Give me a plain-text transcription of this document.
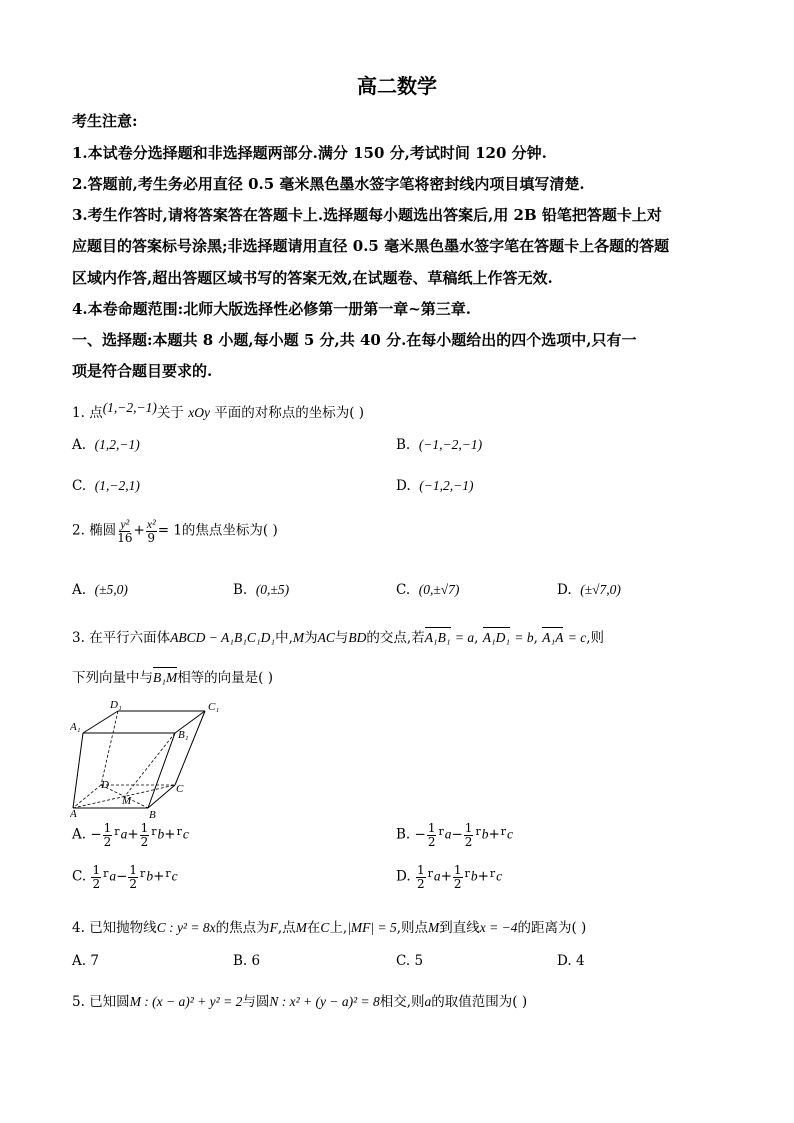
高二数学
考生注意:
1.本试卷分选择题和非选择题两部分.满分 150 分,考试时间 120 分钟.
2.答题前,考生务必用直径 0.5 毫米黑色墨水签字笔将密封线内项目填写清楚.
3.考生作答时,请将答案答在答题卡上.选择题每小题选出答案后,用 2B 铅笔把答题卡上对
应题目的答案标号涂黑;非选择题请用直径 0.5 毫米黑色墨水签字笔在答题卡上各题的答题
区域内作答,超出答题区域书写的答案无效,在试题卷、草稿纸上作答无效.
4.本卷命题范围:北师大版选择性必修第一册第一章~第三章.
一、选择题:本题共 8 小题,每小题 5 分,共 40 分.在每小题给出的四个选项中,只有一
项是符合题目要求的.
1. 点(1,−2,−1)关于 xOy 平面的对称点的坐标为( )
A. (1,2,−1)	B. (−1,−2,−1)
C. (1,−2,1)	D. (−1,2,−1)
2. 椭圆 $\frac{\text{y²}}{16} + \frac{\text{x²}}{9} = 1$的焦点坐标为( )
A. (±5,0)	B. (0,±5)	C. (0,±√7)	D. (±√7,0)
3. 在平行六面体ABCD − A₁B₁C₁D₁中,M为AC与BD的交点,若A₁B₁ = a, A₁D₁ = b, A₁A = c,则
下列向量中与B₁M相等的向量是( )
D₁	C₁
A₁
B₁
D	C
M
A	B
A. − $\frac{1}{2} ^ra+ \frac{1}{2} ^rb+^rc$	B. − $\frac{1}{2} ^ra- \frac{1}{2} ^rb+^rc$
C. $\frac{1}{2} ^ra- \frac{1}{2} ^rb+^rc$	D. $\frac{1}{2} ^ra+ \frac{1}{2} ^rb+^rc$
4. 已知抛物线C : y² = 8x的焦点为F,点M在C上,|MF| = 5,则点M到直线x = −4的距离为( )
A. 7	B. 6	C. 5	D. 4
5. 已知圆M : (x − a)² + y² = 2与圆N : x² + (y − a)² = 8相交,则a的取值范围为( )
